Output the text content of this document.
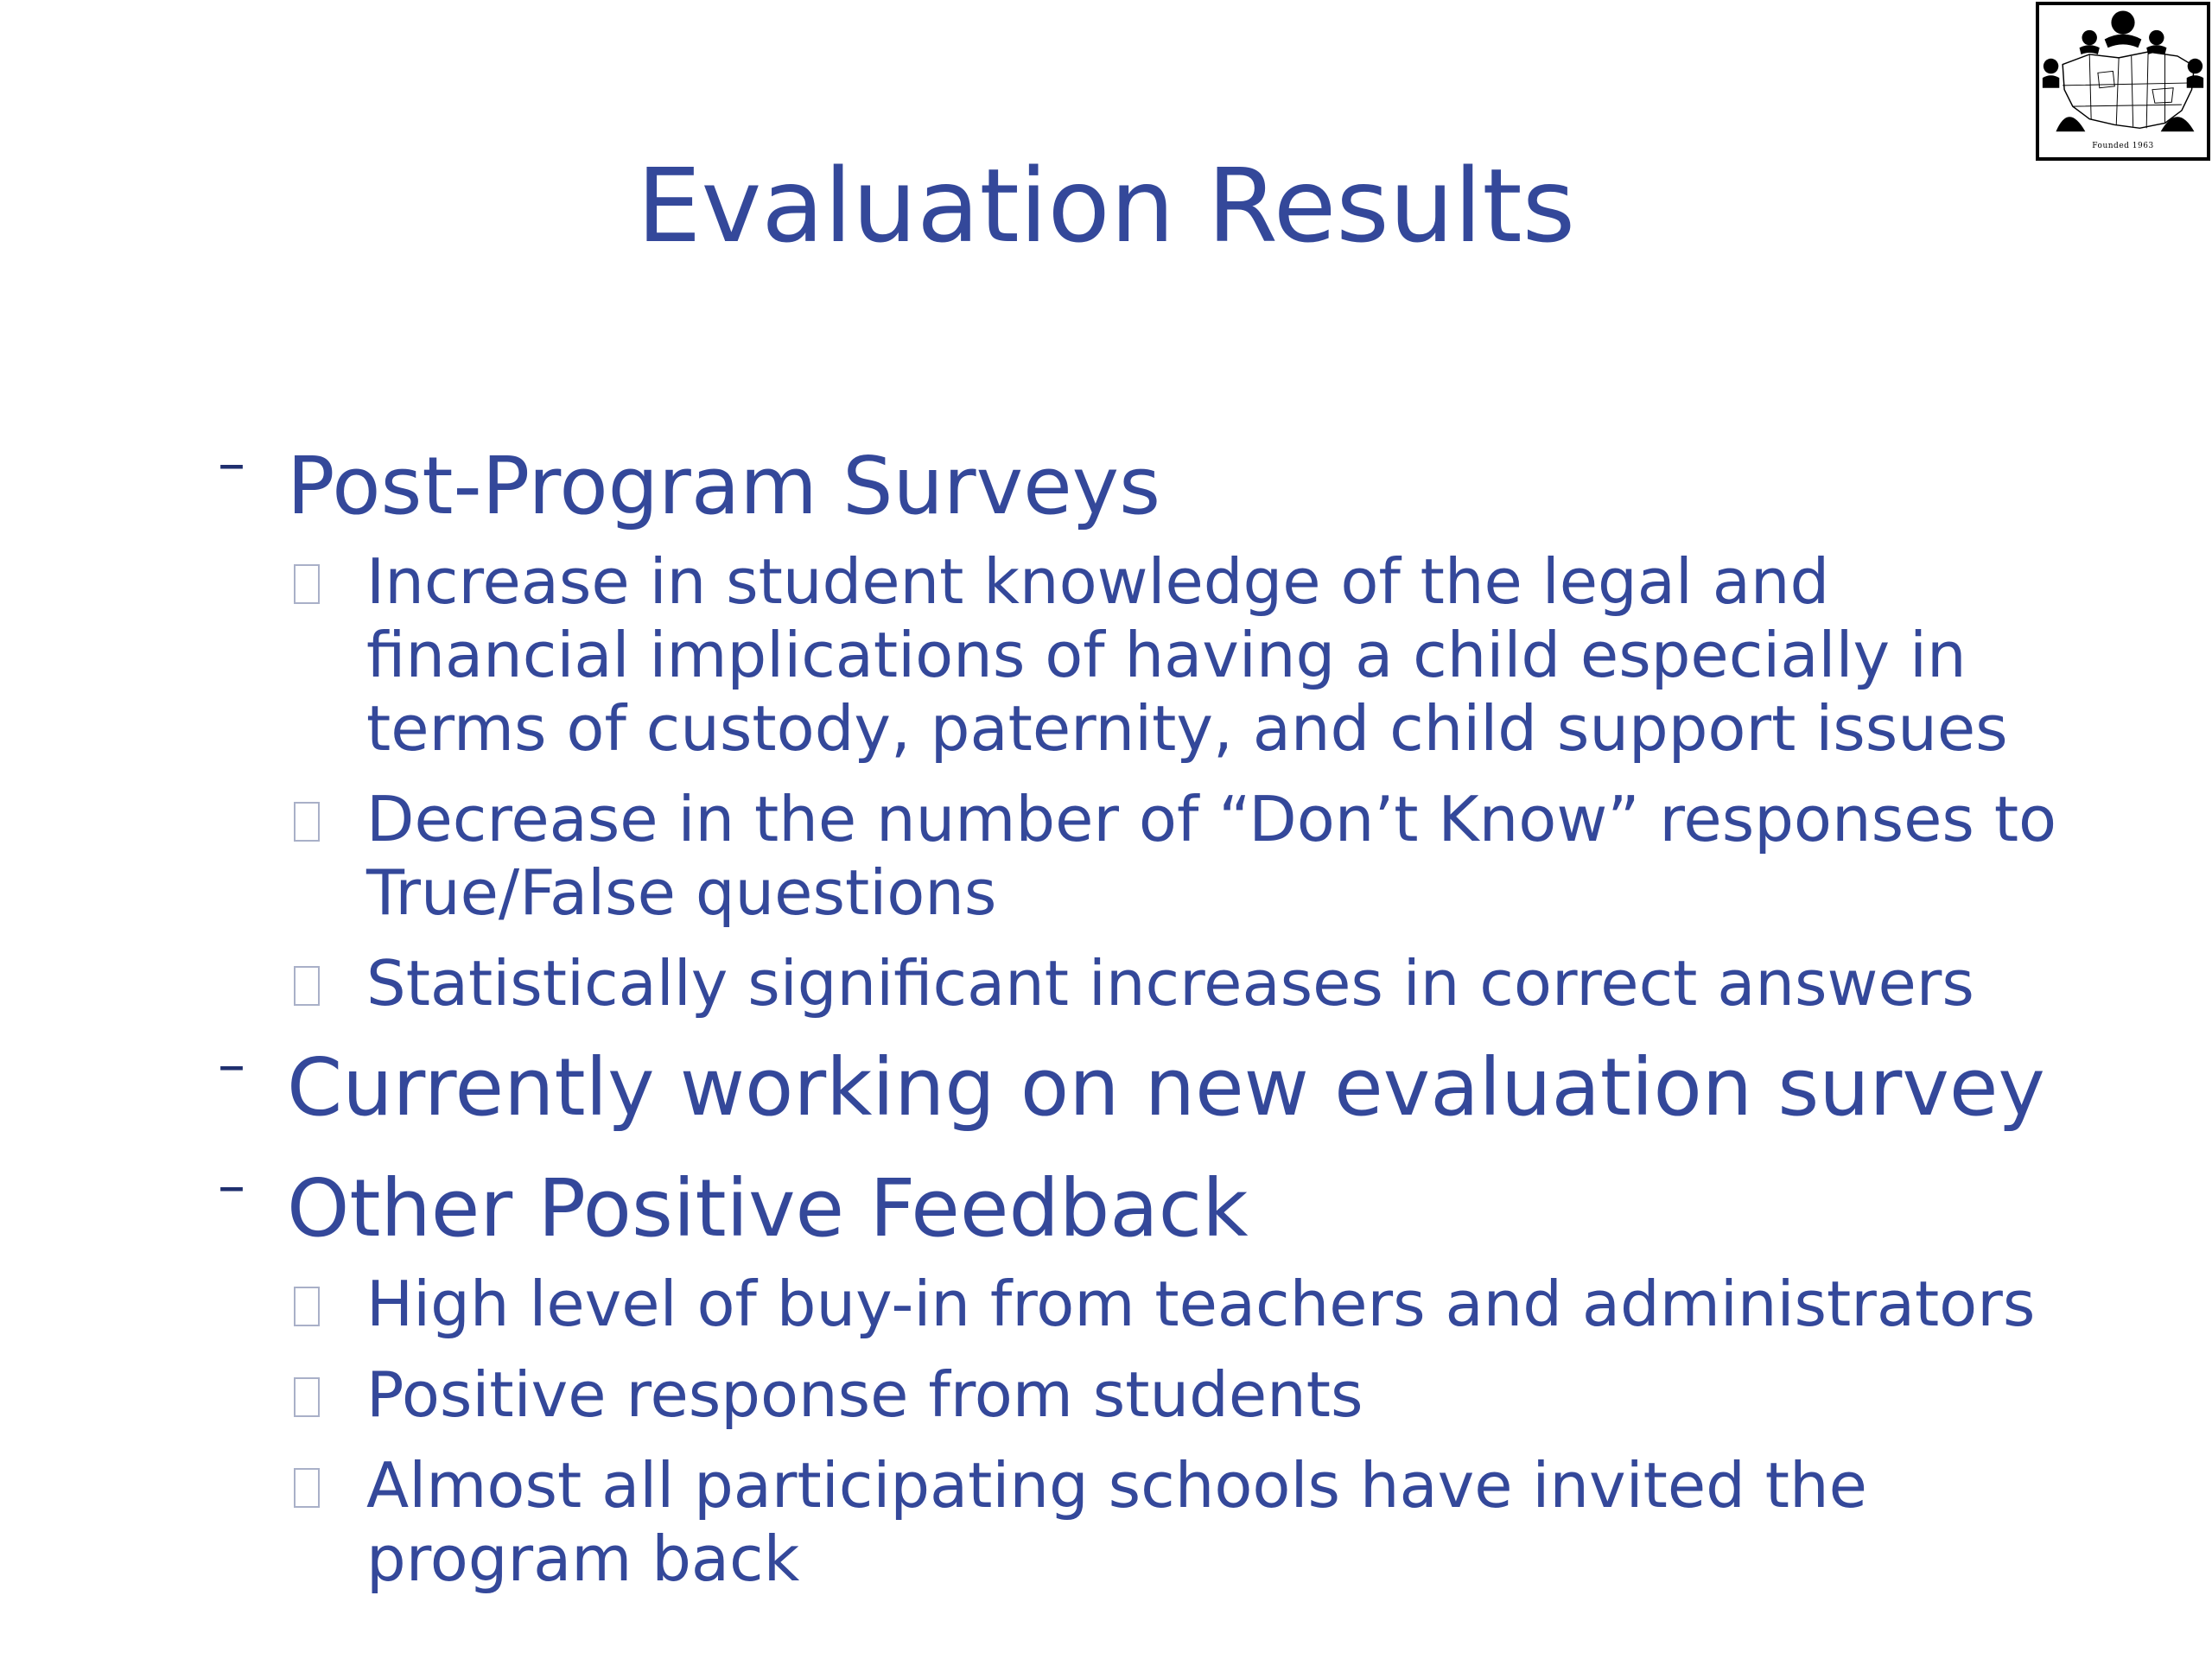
Founded 1963
Evaluation Results
– Post-Program Surveys
Increase in student knowledge of the legal and financial implications of having a child especially in terms of custody, paternity, and child support issues
Decrease in the number of “Don’t Know” responses to True/False questions
Statistically significant increases in correct answers
– Currently working on new evaluation survey
– Other Positive Feedback
High level of buy-in from teachers and administrators
Positive response from students
Almost all participating schools have invited the program back
